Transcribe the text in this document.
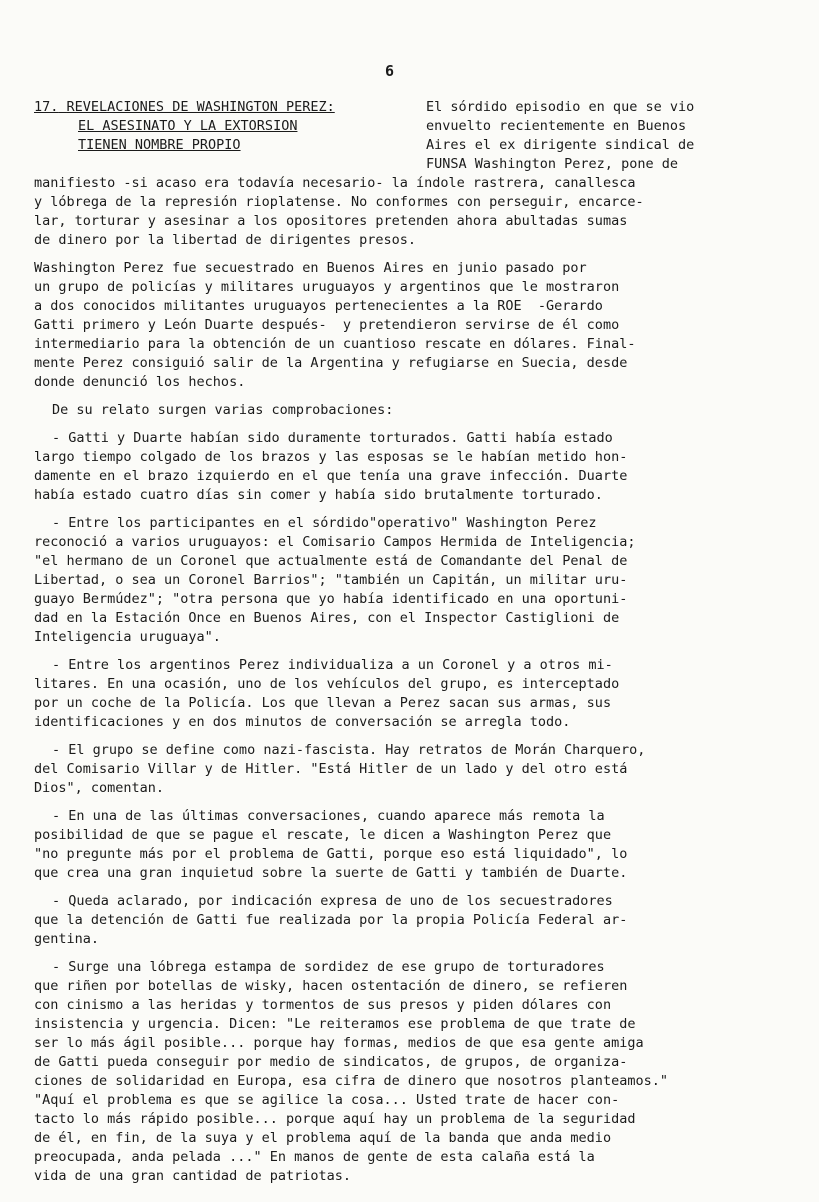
6
17. REVELACIONES DE WASHINGTON PEREZ:
EL ASESINATO Y LA EXTORSION
TIENEN NOMBRE PROPIO
El sórdido episodio en que se vio
envuelto recientemente en Buenos
Aires el ex dirigente sindical de
FUNSA Washington Perez, pone de
manifiesto -si acaso era todavía necesario- la índole rastrera, canallesca
y lóbrega de la represión rioplatense. No conformes con perseguir, encarce-
lar, torturar y asesinar a los opositores pretenden ahora abultadas sumas
de dinero por la libertad de dirigentes presos.
Washington Perez fue secuestrado en Buenos Aires en junio pasado por
un grupo de policías y militares uruguayos y argentinos que le mostraron
a dos conocidos militantes uruguayos pertenecientes a la ROE  -Gerardo
Gatti primero y León Duarte después-  y pretendieron servirse de él como
intermediario para la obtención de un cuantioso rescate en dólares. Final-
mente Perez consiguió salir de la Argentina y refugiarse en Suecia, desde
donde denunció los hechos.
De su relato surgen varias comprobaciones:
- Gatti y Duarte habían sido duramente torturados. Gatti había estado
largo tiempo colgado de los brazos y las esposas se le habían metido hon-
damente en el brazo izquierdo en el que tenía una grave infección. Duarte
había estado cuatro días sin comer y había sido brutalmente torturado.
- Entre los participantes en el sórdido"operativo" Washington Perez
reconoció a varios uruguayos: el Comisario Campos Hermida de Inteligencia;
"el hermano de un Coronel que actualmente está de Comandante del Penal de
Libertad, o sea un Coronel Barrios"; "también un Capitán, un militar uru-
guayo Bermúdez"; "otra persona que yo había identificado en una oportuni-
dad en la Estación Once en Buenos Aires, con el Inspector Castiglioni de
Inteligencia uruguaya".
- Entre los argentinos Perez individualiza a un Coronel y a otros mi-
litares. En una ocasión, uno de los vehículos del grupo, es interceptado
por un coche de la Policía. Los que llevan a Perez sacan sus armas, sus
identificaciones y en dos minutos de conversación se arregla todo.
- El grupo se define como nazi-fascista. Hay retratos de Morán Charquero,
del Comisario Villar y de Hitler. "Está Hitler de un lado y del otro está
Dios", comentan.
- En una de las últimas conversaciones, cuando aparece más remota la
posibilidad de que se pague el rescate, le dicen a Washington Perez que
"no pregunte más por el problema de Gatti, porque eso está liquidado", lo
que crea una gran inquietud sobre la suerte de Gatti y también de Duarte.
- Queda aclarado, por indicación expresa de uno de los secuestradores
que la detención de Gatti fue realizada por la propia Policía Federal ar-
gentina.
- Surge una lóbrega estampa de sordidez de ese grupo de torturadores
que riñen por botellas de wisky, hacen ostentación de dinero, se refieren
con cinismo a las heridas y tormentos de sus presos y piden dólares con
insistencia y urgencia. Dicen: "Le reiteramos ese problema de que trate de
ser lo más ágil posible... porque hay formas, medios de que esa gente amiga
de Gatti pueda conseguir por medio de sindicatos, de grupos, de organiza-
ciones de solidaridad en Europa, esa cifra de dinero que nosotros planteamos."
"Aquí el problema es que se agilice la cosa... Usted trate de hacer con-
tacto lo más rápido posible... porque aquí hay un problema de la seguridad
de él, en fin, de la suya y el problema aquí de la banda que anda medio
preocupada, anda pelada ..." En manos de gente de esta calaña está la
vida de una gran cantidad de patriotas.
